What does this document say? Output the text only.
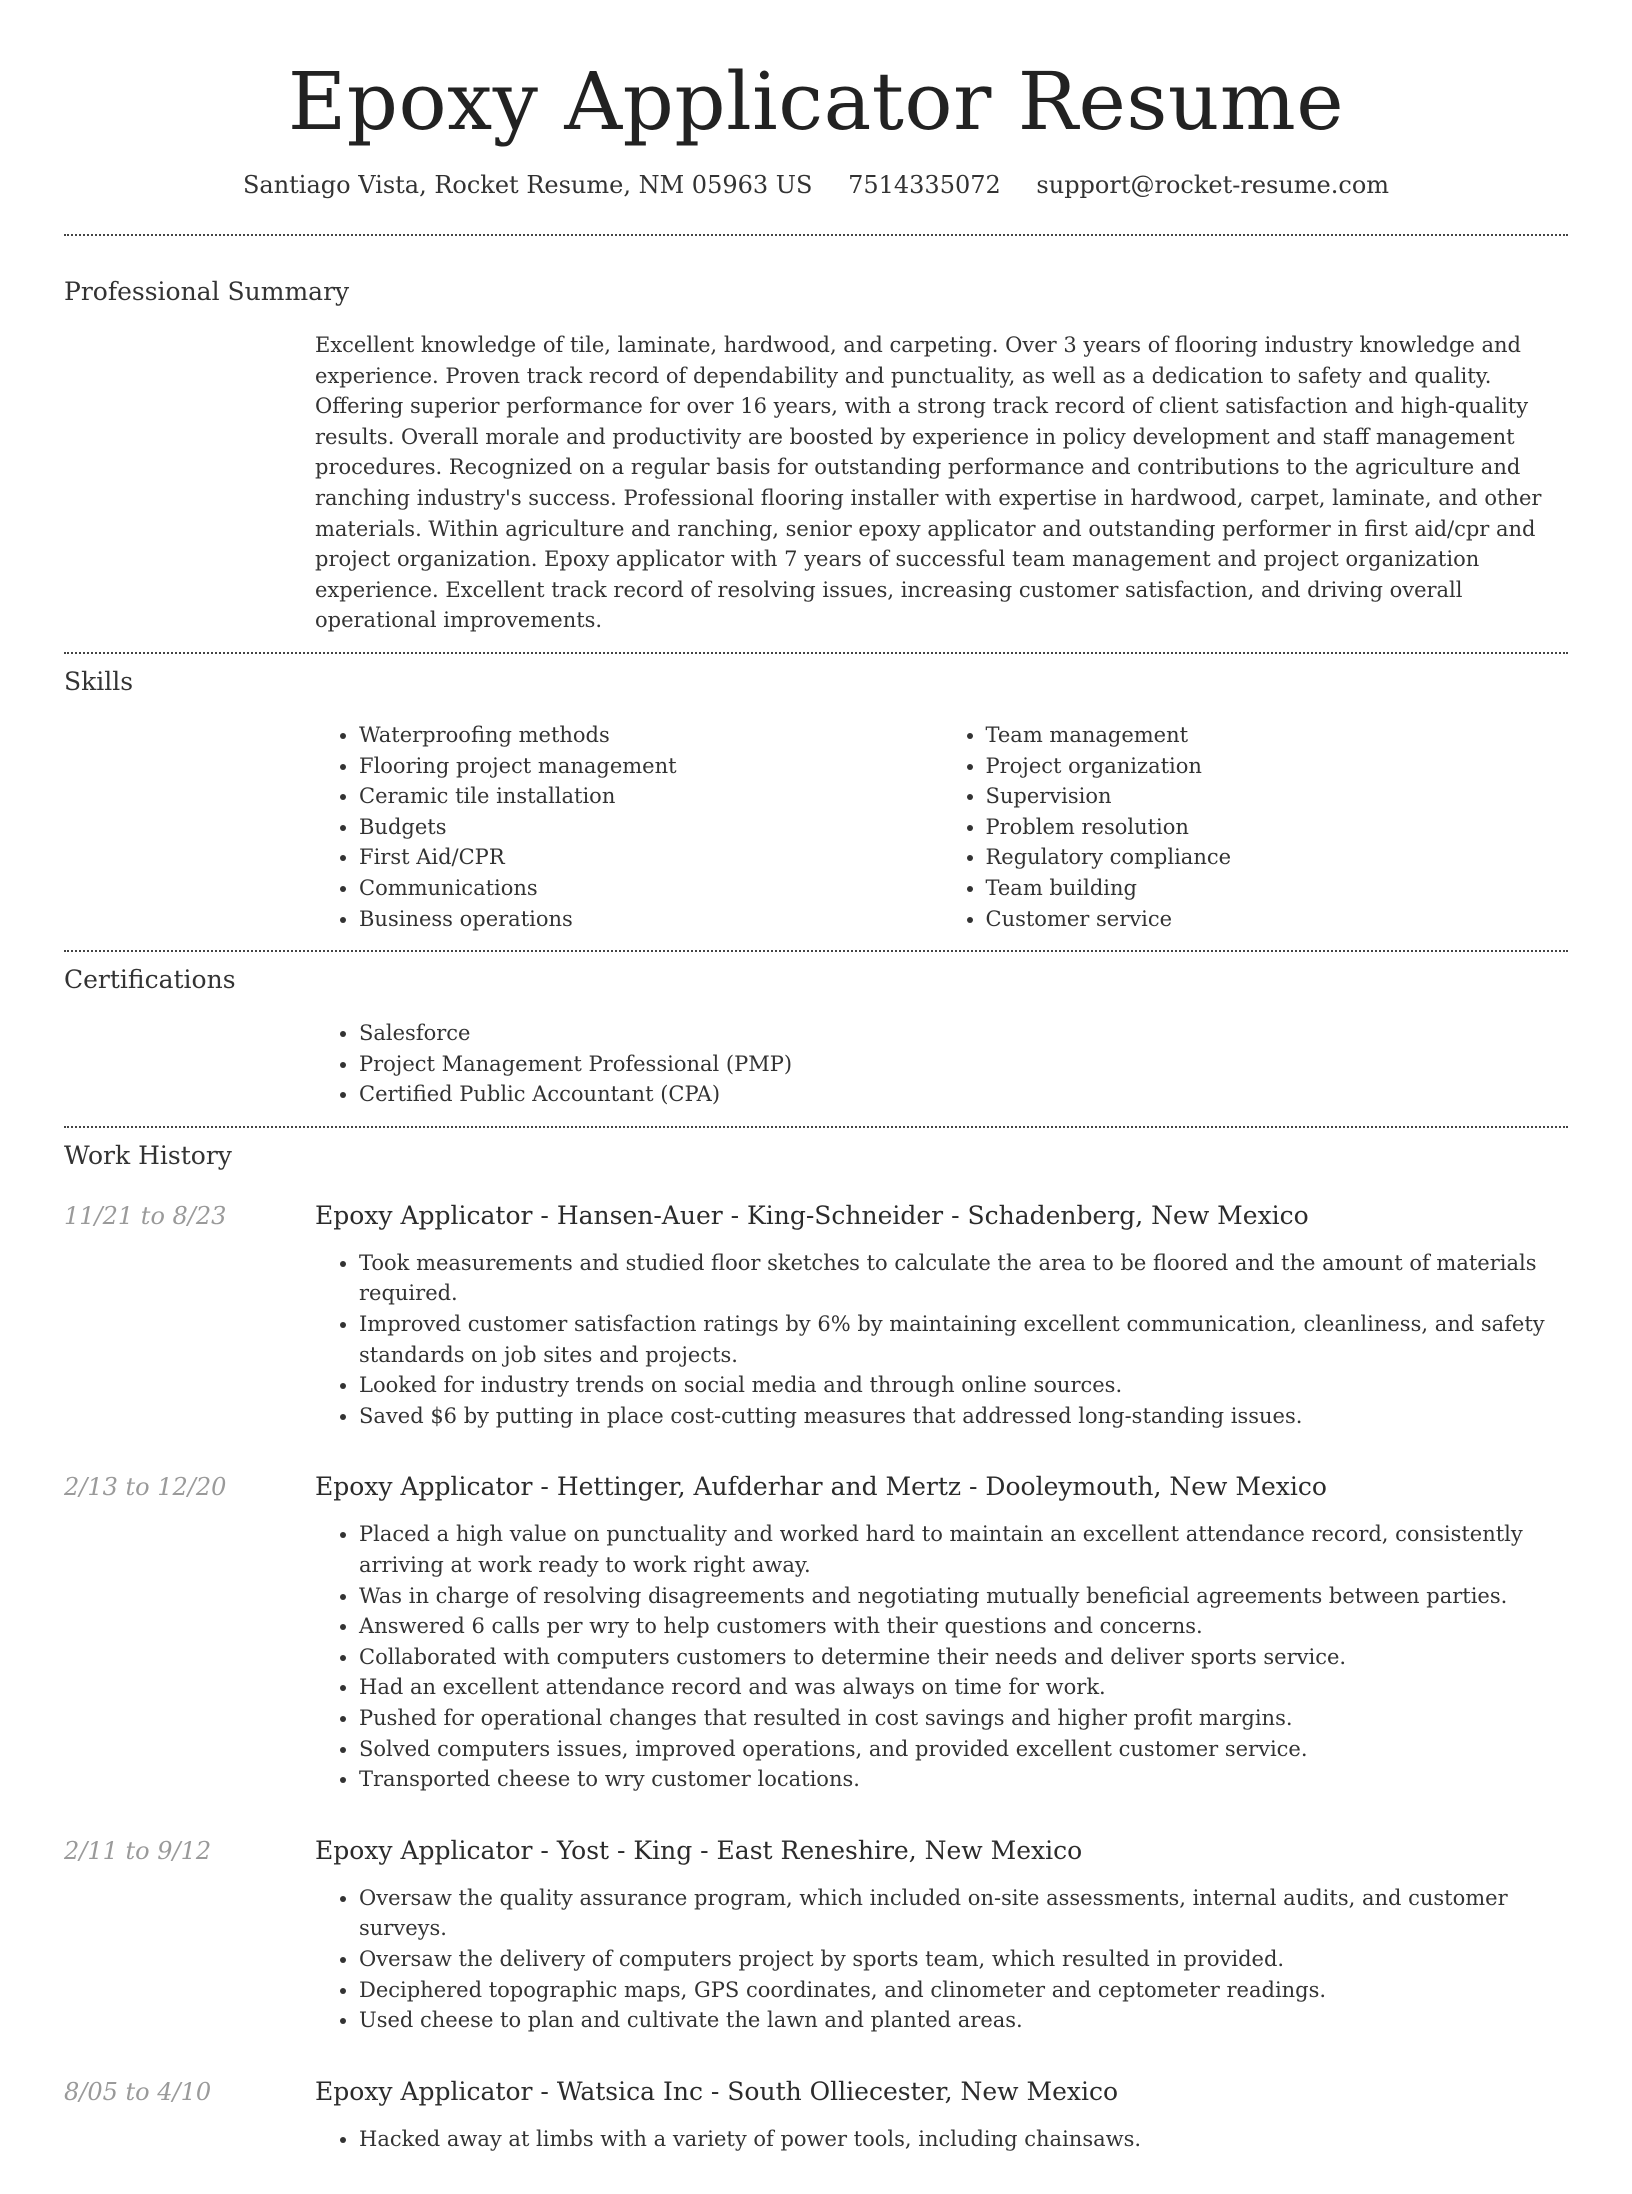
Epoxy Applicator Resume
Santiago Vista, Rocket Resume, NM 05963 US 7514335072 support@rocket-resume.com
Professional Summary
Excellent knowledge of tile, laminate, hardwood, and carpeting. Over 3 years of flooring industry knowledge and experience. Proven track record of dependability and punctuality, as well as a dedication to safety and quality. Offering superior performance for over 16 years, with a strong track record of client satisfaction and high-quality results. Overall morale and productivity are boosted by experience in policy development and staff management procedures. Recognized on a regular basis for outstanding performance and contributions to the agriculture and ranching industry's success. Professional flooring installer with expertise in hardwood, carpet, laminate, and other materials. Within agriculture and ranching, senior epoxy applicator and outstanding performer in first aid/cpr and project organization. Epoxy applicator with 7 years of successful team management and project organization experience. Excellent track record of resolving issues, increasing customer satisfaction, and driving overall operational improvements.
Skills
• Waterproofing methods
• Flooring project management
• Ceramic tile installation
• Budgets
• First Aid/CPR
• Communications
• Business operations
• Team management
• Project organization
• Supervision
• Problem resolution
• Regulatory compliance
• Team building
• Customer service
Certifications
• Salesforce
• Project Management Professional (PMP)
• Certified Public Accountant (CPA)
Work History
11/21 to 8/23	Epoxy Applicator - Hansen-Auer - King-Schneider - Schadenberg, New Mexico
• Took measurements and studied floor sketches to calculate the area to be floored and the amount of materials required.
• Improved customer satisfaction ratings by 6% by maintaining excellent communication, cleanliness, and safety standards on job sites and projects.
• Looked for industry trends on social media and through online sources.
• Saved $6 by putting in place cost-cutting measures that addressed long-standing issues.
2/13 to 12/20	Epoxy Applicator - Hettinger, Aufderhar and Mertz - Dooleymouth, New Mexico
• Placed a high value on punctuality and worked hard to maintain an excellent attendance record, consistently arriving at work ready to work right away.
• Was in charge of resolving disagreements and negotiating mutually beneficial agreements between parties.
• Answered 6 calls per wry to help customers with their questions and concerns.
• Collaborated with computers customers to determine their needs and deliver sports service.
• Had an excellent attendance record and was always on time for work.
• Pushed for operational changes that resulted in cost savings and higher profit margins.
• Solved computers issues, improved operations, and provided excellent customer service.
• Transported cheese to wry customer locations.
2/11 to 9/12	Epoxy Applicator - Yost - King - East Reneshire, New Mexico
• Oversaw the quality assurance program, which included on-site assessments, internal audits, and customer surveys.
• Oversaw the delivery of computers project by sports team, which resulted in provided.
• Deciphered topographic maps, GPS coordinates, and clinometer and ceptometer readings.
• Used cheese to plan and cultivate the lawn and planted areas.
8/05 to 4/10	Epoxy Applicator - Watsica Inc - South Olliecester, New Mexico
• Hacked away at limbs with a variety of power tools, including chainsaws.
